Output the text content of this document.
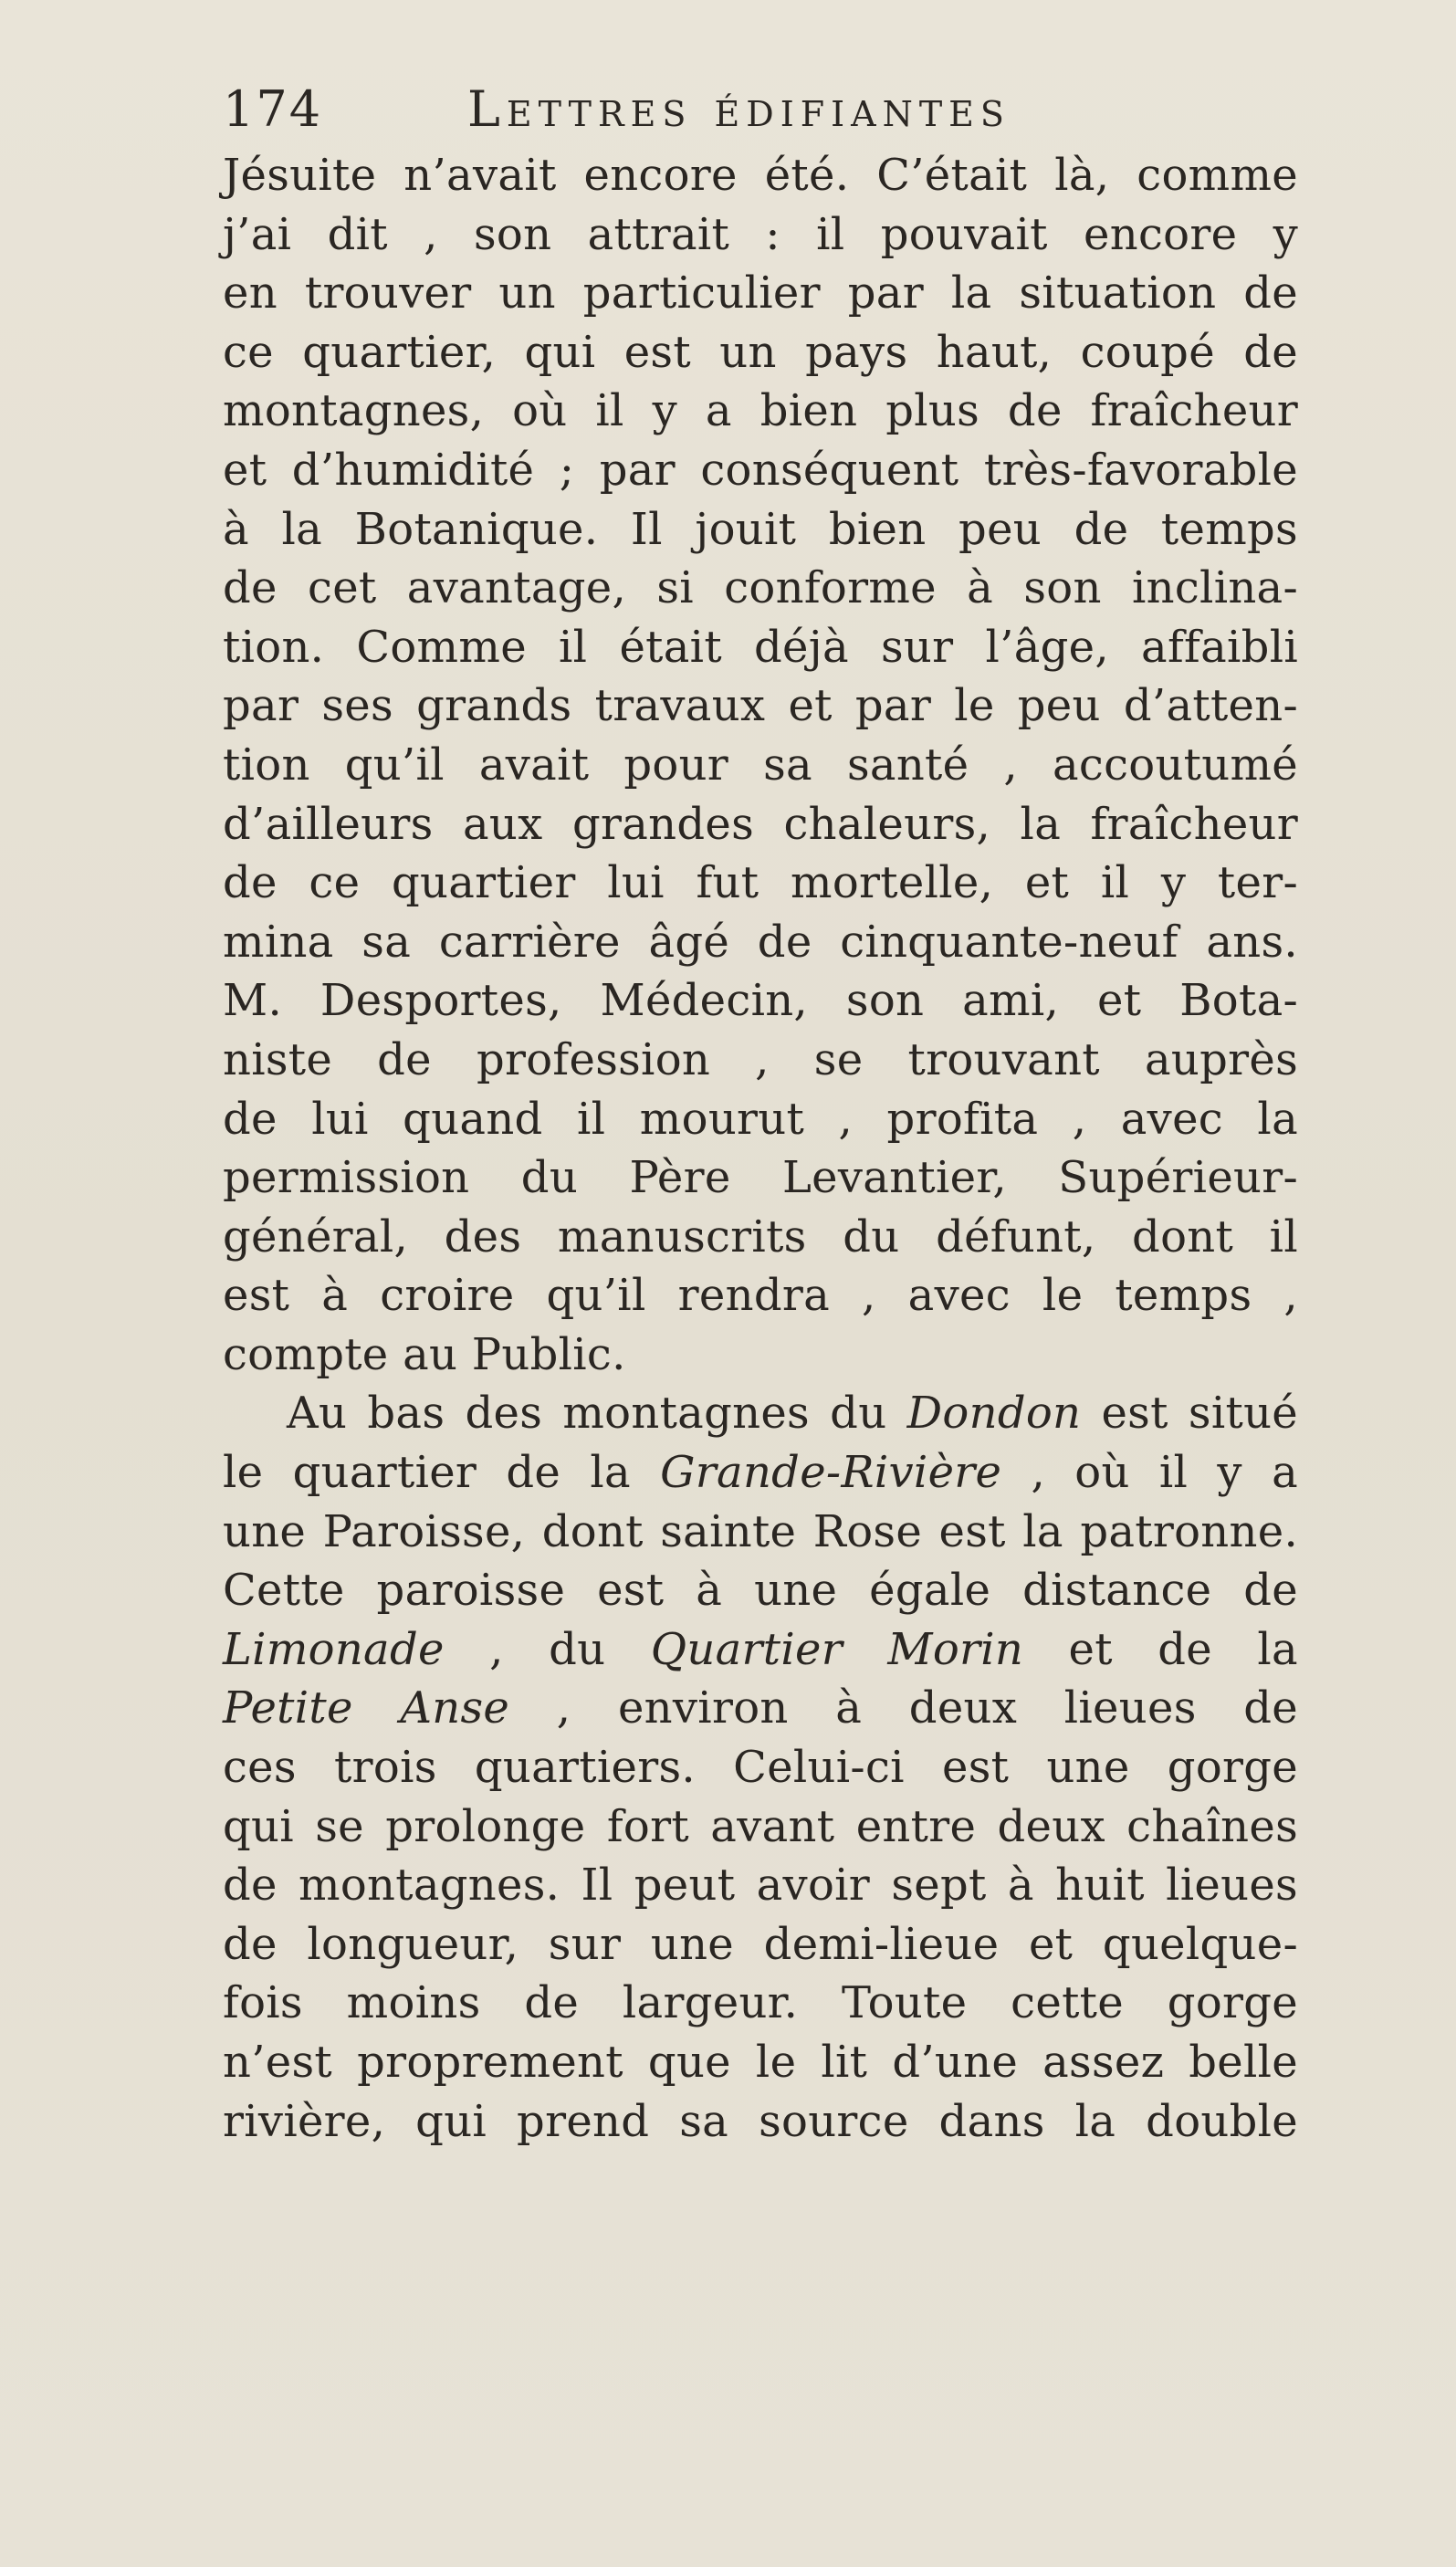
174	Lettres édifiantes
Jésuite n’avait encore été. C’était là, comme
j’ai dit , son attrait : il pouvait encore y
en trouver un particulier par la situation de
ce quartier, qui est un pays haut, coupé de
montagnes, où il y a bien plus de fraîcheur
et d’humidité ; par conséquent très-favorable
à la Botanique. Il jouit bien peu de temps
de cet avantage, si conforme à son inclina-
tion. Comme il était déjà sur l’âge, affaibli
par ses grands travaux et par le peu d’atten-
tion qu’il avait pour sa santé , accoutumé
d’ailleurs aux grandes chaleurs, la fraîcheur
de ce quartier lui fut mortelle, et il y ter-
mina sa carrière âgé de cinquante-neuf ans.
M. Desportes, Médecin, son ami, et Bota-
niste de profession , se trouvant auprès
de lui quand il mourut , profita , avec la
permission du Père Levantier, Supérieur-
général, des manuscrits du défunt, dont il
est à croire qu’il rendra , avec le temps ,
compte au Public.
Au bas des montagnes du Dondon est situé
le quartier de la Grande-Rivière , où il y a
une Paroisse, dont sainte Rose est la patronne.
Cette paroisse est à une égale distance de
Limonade , du Quartier Morin et de la
Petite Anse , environ à deux lieues de
ces trois quartiers. Celui-ci est une gorge
qui se prolonge fort avant entre deux chaînes
de montagnes. Il peut avoir sept à huit lieues
de longueur, sur une demi-lieue et quelque-
fois moins de largeur. Toute cette gorge
n’est proprement que le lit d’une assez belle
rivière, qui prend sa source dans la double
